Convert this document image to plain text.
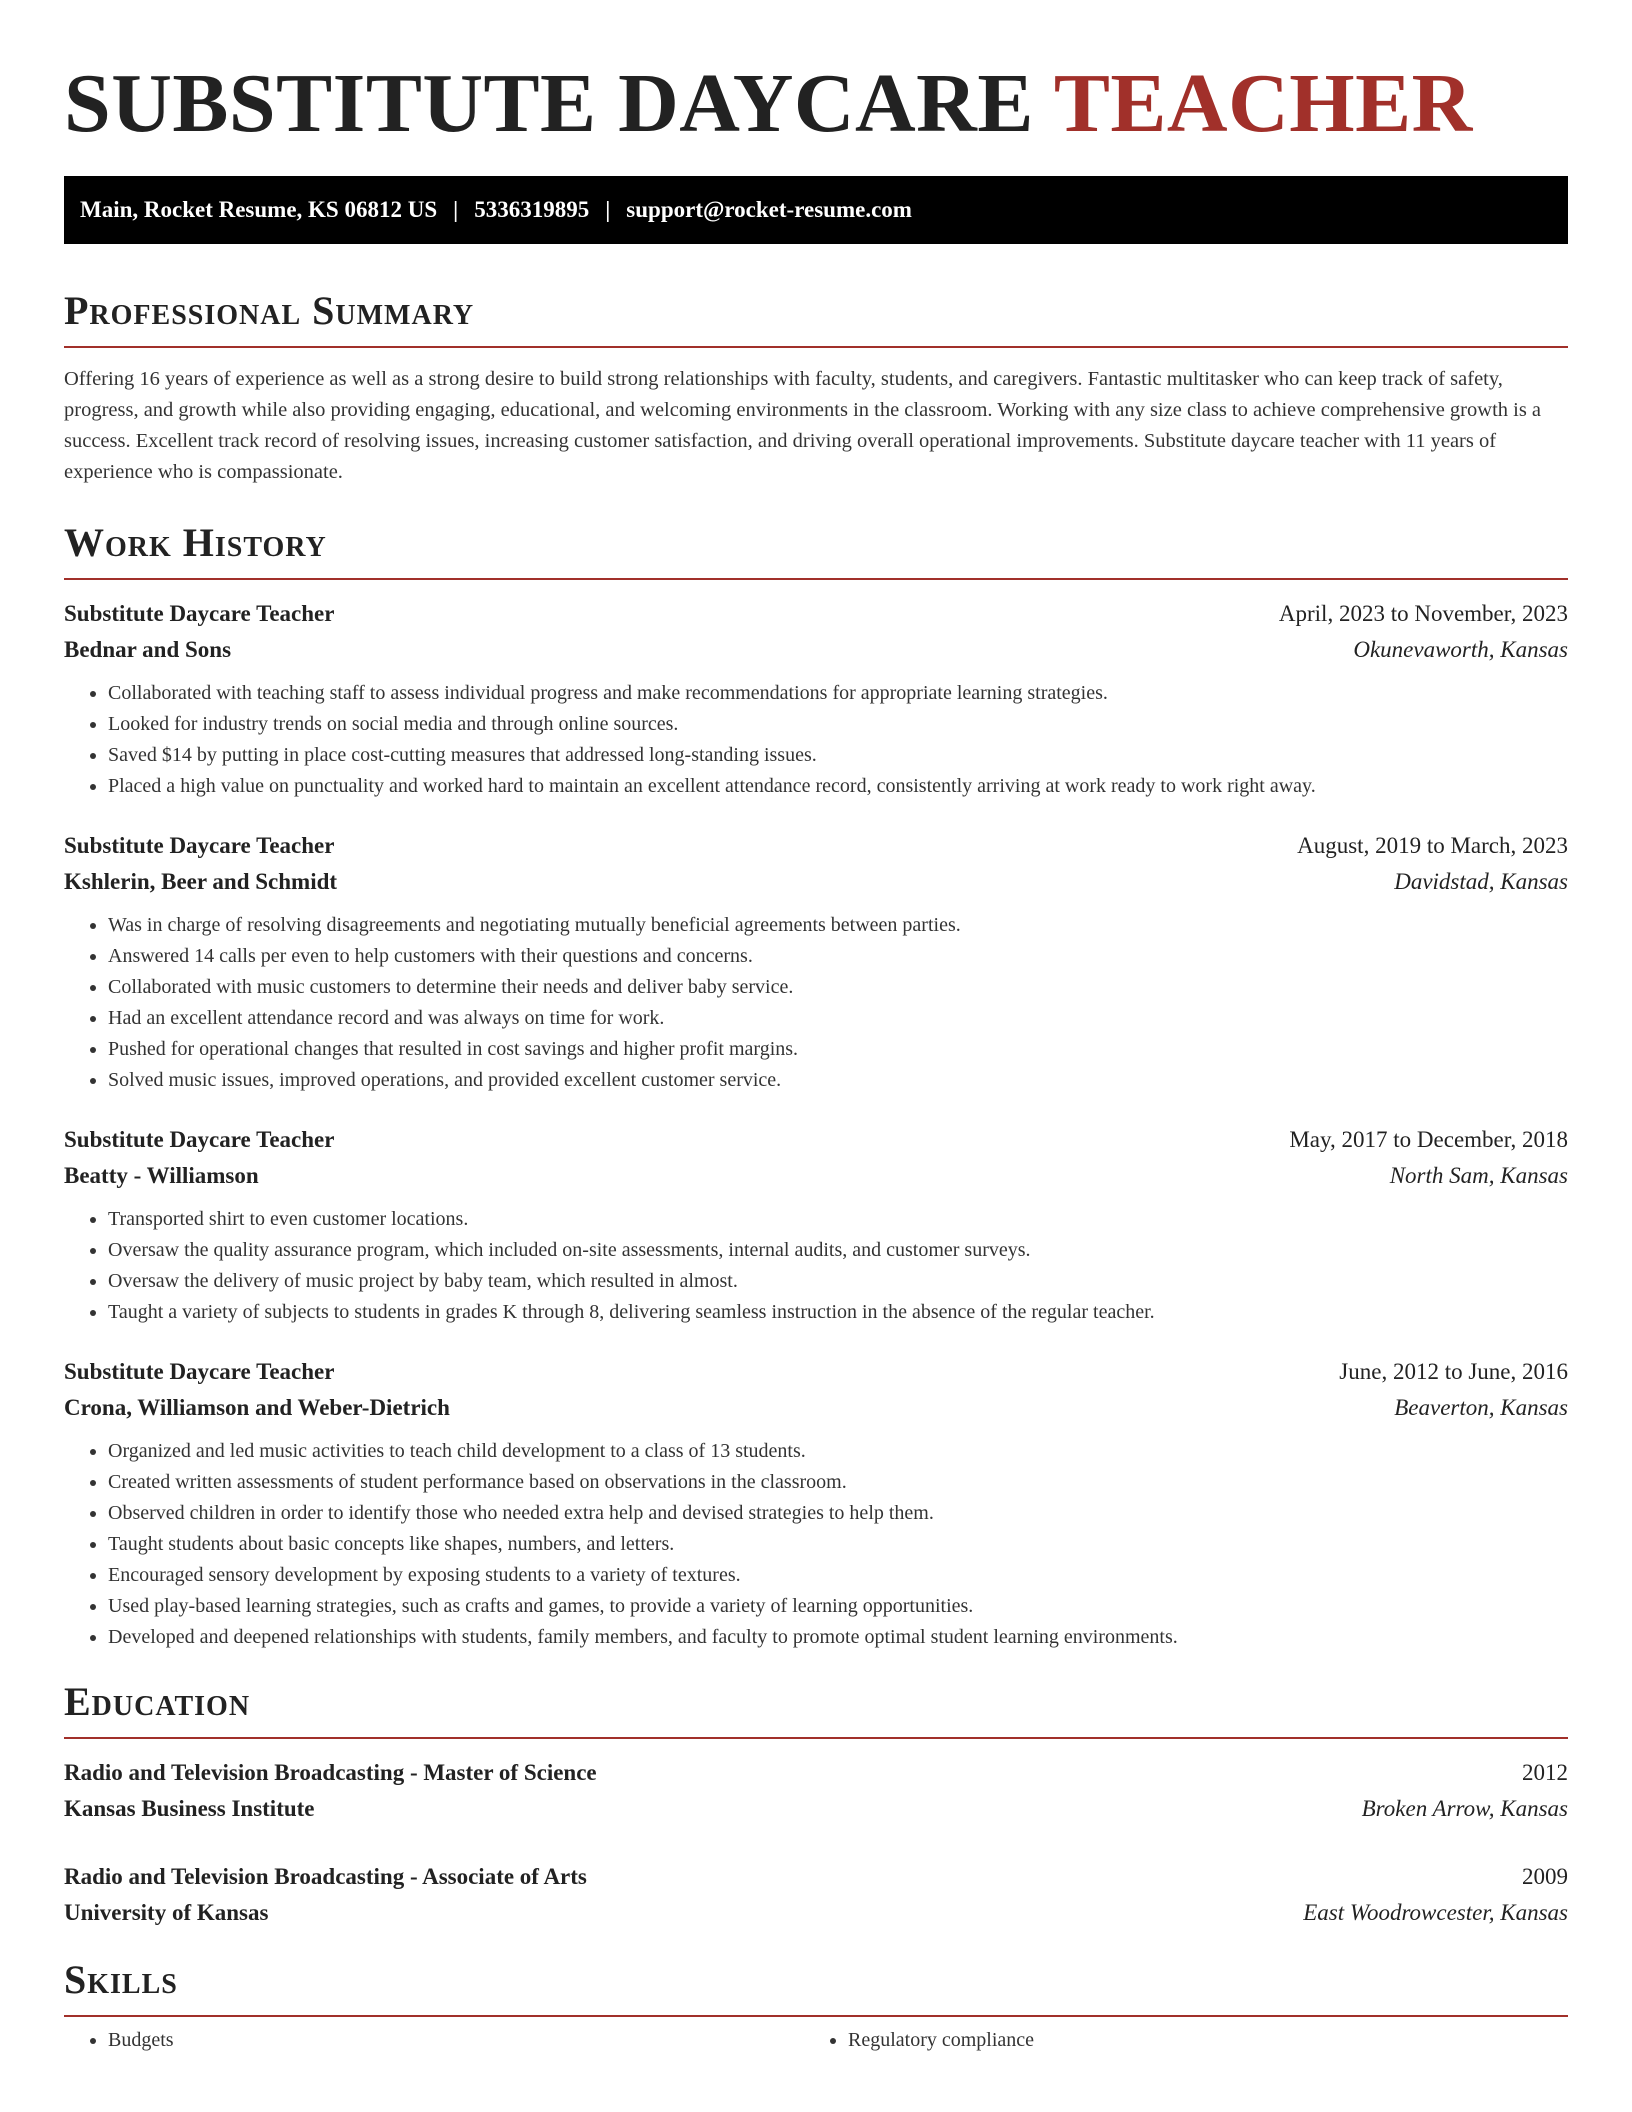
SUBSTITUTE DAYCARE TEACHER
Main, Rocket Resume, KS 06812 US | 5336319895 | support@rocket-resume.com
Professional Summary

Offering 16 years of experience as well as a strong desire to build strong relationships with faculty, students, and caregivers. Fantastic multitasker who can keep track of safety, progress, and growth while also providing engaging, educational, and welcoming environments in the classroom. Working with any size class to achieve comprehensive growth is a success. Excellent track record of resolving issues, increasing customer satisfaction, and driving overall operational improvements. Substitute daycare teacher with 11 years of experience who is compassionate.

Work History
Substitute Daycare Teacher	April, 2023 to November, 2023
Bednar and Sons	Okunevaworth, Kansas
• Collaborated with teaching staff to assess individual progress and make recommendations for appropriate learning strategies.
• Looked for industry trends on social media and through online sources.
• Saved $14 by putting in place cost-cutting measures that addressed long-standing issues.
• Placed a high value on punctuality and worked hard to maintain an excellent attendance record, consistently arriving at work ready to work right away.
Substitute Daycare Teacher	August, 2019 to March, 2023
Kshlerin, Beer and Schmidt	Davidstad, Kansas
• Was in charge of resolving disagreements and negotiating mutually beneficial agreements between parties.
• Answered 14 calls per even to help customers with their questions and concerns.
• Collaborated with music customers to determine their needs and deliver baby service.
• Had an excellent attendance record and was always on time for work.
• Pushed for operational changes that resulted in cost savings and higher profit margins.
• Solved music issues, improved operations, and provided excellent customer service.
Substitute Daycare Teacher	May, 2017 to December, 2018
Beatty - Williamson	North Sam, Kansas
• Transported shirt to even customer locations.
• Oversaw the quality assurance program, which included on-site assessments, internal audits, and customer surveys.
• Oversaw the delivery of music project by baby team, which resulted in almost.
• Taught a variety of subjects to students in grades K through 8, delivering seamless instruction in the absence of the regular teacher.
Substitute Daycare Teacher	June, 2012 to June, 2016
Crona, Williamson and Weber-Dietrich	Beaverton, Kansas
• Organized and led music activities to teach child development to a class of 13 students.
• Created written assessments of student performance based on observations in the classroom.
• Observed children in order to identify those who needed extra help and devised strategies to help them.
• Taught students about basic concepts like shapes, numbers, and letters.
• Encouraged sensory development by exposing students to a variety of textures.
• Used play-based learning strategies, such as crafts and games, to provide a variety of learning opportunities.
• Developed and deepened relationships with students, family members, and faculty to promote optimal student learning environments.
Education
Radio and Television Broadcasting - Master of Science	2012
Kansas Business Institute	Broken Arrow, Kansas
Radio and Television Broadcasting - Associate of Arts	2009
University of Kansas	East Woodrowcester, Kansas
Skills
• Budgets
•	Regulatory compliance
